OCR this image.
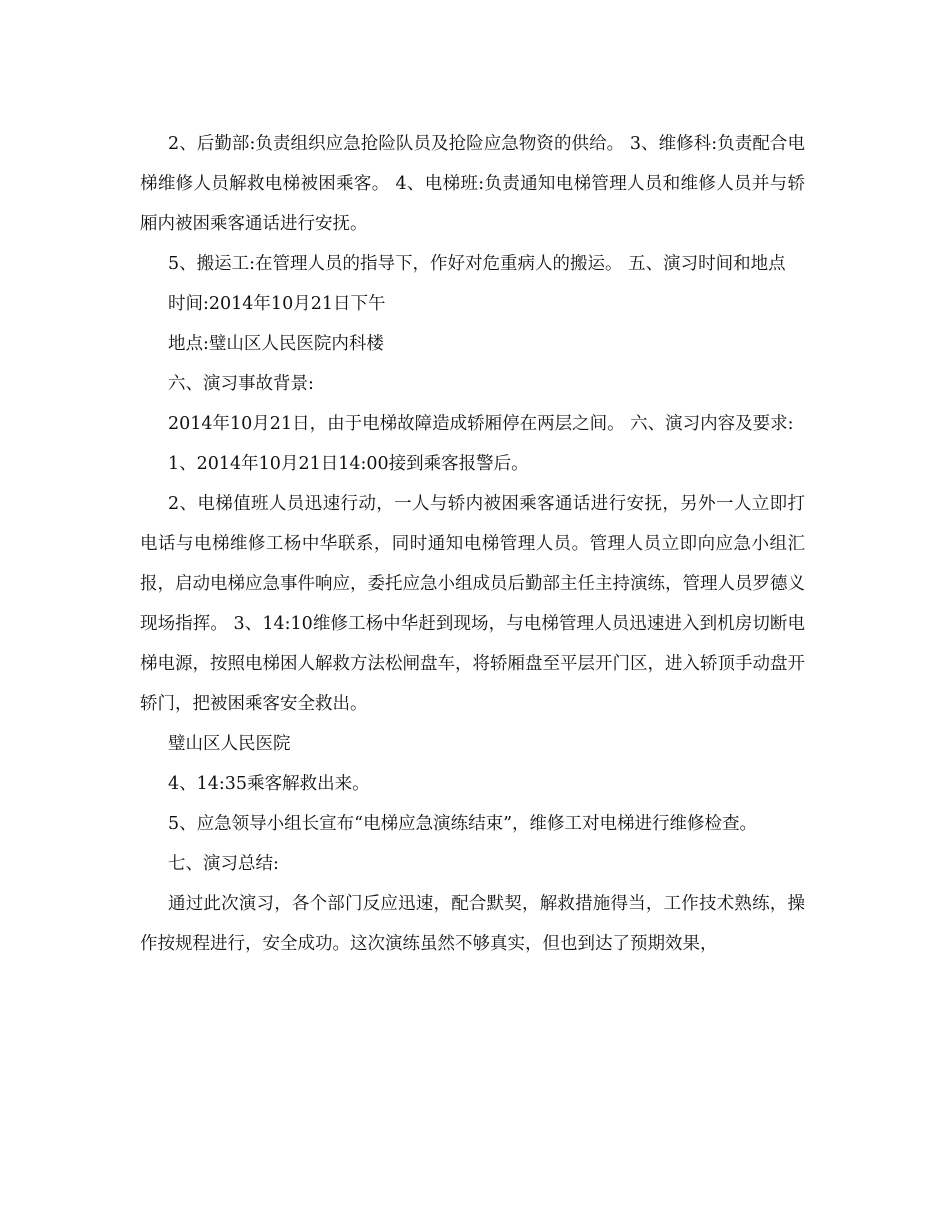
2、后勤部:负责组织应急抢险队员及抢险应急物资的供给。 3、维修科:负责配合电梯维修人员解救电梯被困乘客。 4、电梯班:负责通知电梯管理人员和维修人员并与轿厢内被困乘客通话进行安抚。

5、搬运工:在管理人员的指导下，作好对危重病人的搬运。 五、演习时间和地点

时间:2014年10月21日下午

地点:璧山区人民医院内科楼

六、演习事故背景:

2014年10月21日，由于电梯故障造成轿厢停在两层之间。 六、演习内容及要求:

1、2014年10月21日14:00接到乘客报警后。

2、电梯值班人员迅速行动，一人与轿内被困乘客通话进行安抚，另外一人立即打电话与电梯维修工杨中华联系，同时通知电梯管理人员。管理人员立即向应急小组汇报，启动电梯应急事件响应，委托应急小组成员后勤部主任主持演练，管理人员罗德义现场指挥。 3、14:10维修工杨中华赶到现场，与电梯管理人员迅速进入到机房切断电梯电源，按照电梯困人解救方法松闸盘车，将轿厢盘至平层开门区，进入轿顶手动盘开轿门，把被困乘客安全救出。

璧山区人民医院

4、14:35乘客解救出来。

5、应急领导小组长宣布“电梯应急演练结束”，维修工对电梯进行维修检查。

七、演习总结:

通过此次演习，各个部门反应迅速，配合默契，解救措施得当，工作技术熟练，操作按规程进行，安全成功。这次演练虽然不够真实，但也到达了预期效果，
